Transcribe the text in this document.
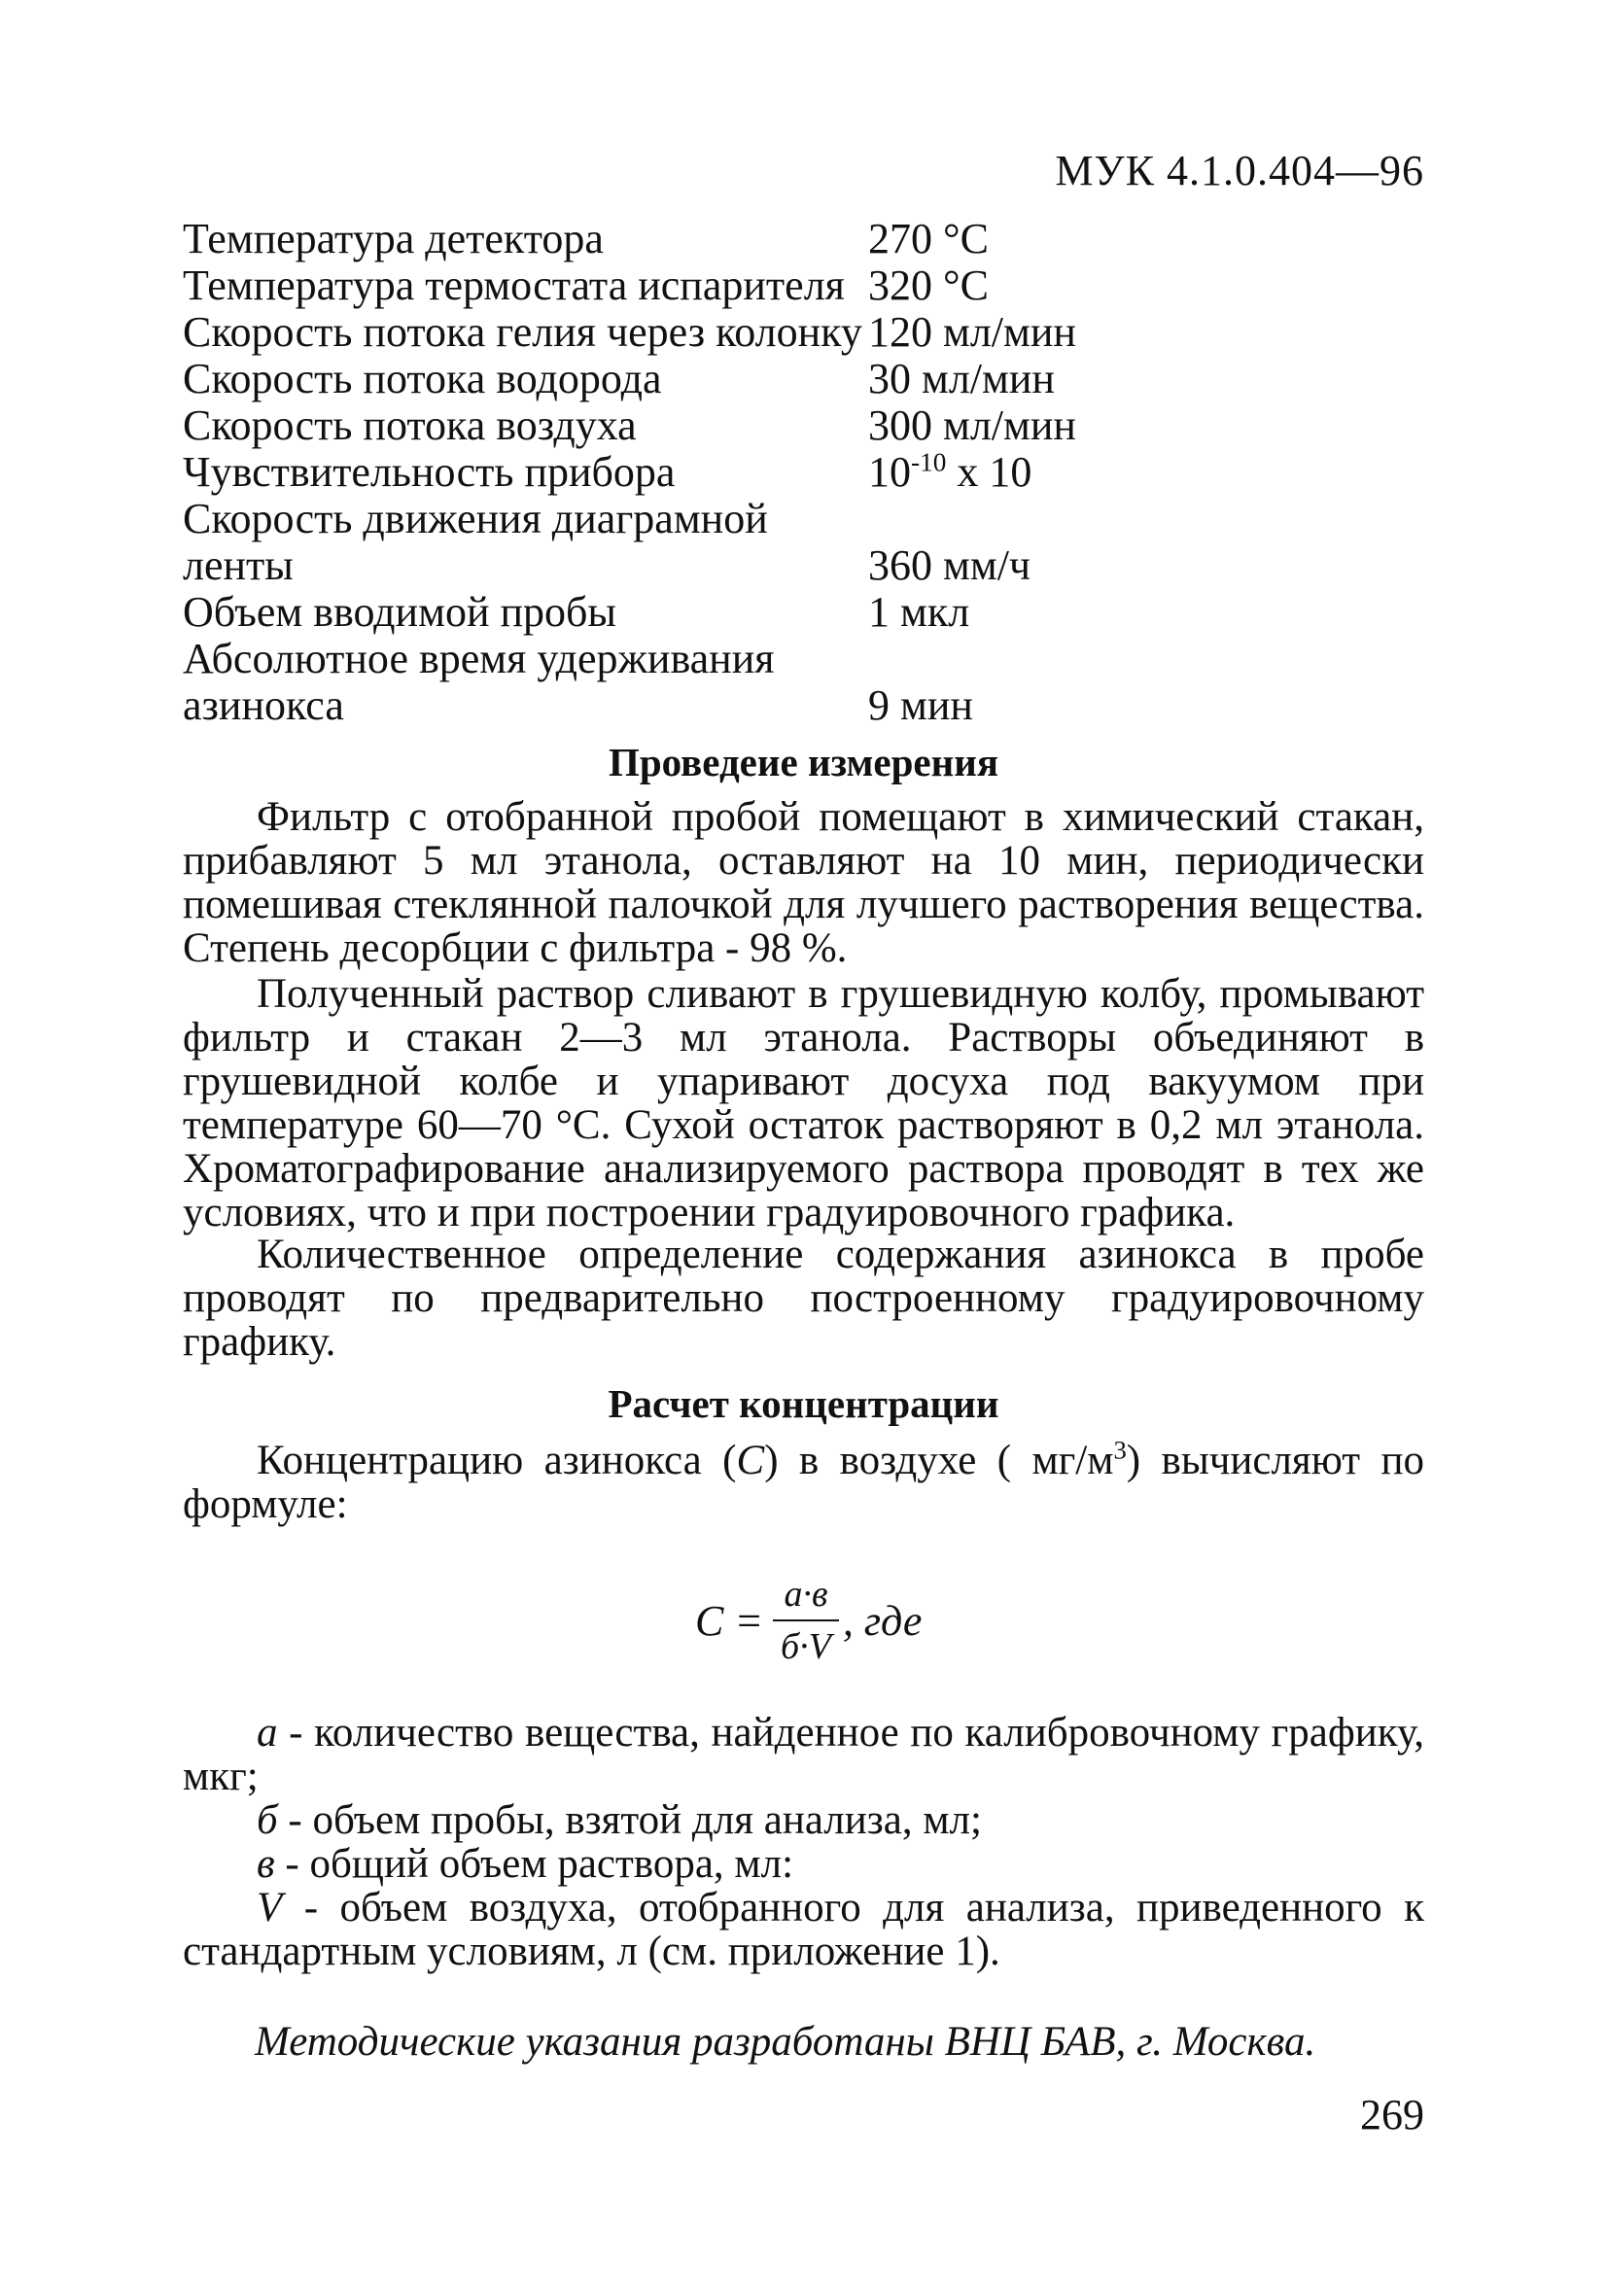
МУК 4.1.0.404—96
Температура детектора	270 °С
Температура термостата испарителя 320 °С
Скорость потока гелия через колонку 120 мл/мин
Скорость потока водорода	30 мл/мин
Скорость потока воздуха	300 мл/мин
Чувствительность прибора	$10^{-10}$ х 10
Скорость движения диаграмной
ленты	360 мм/ч
Объем вводимой пробы	1 мкл
Абсолютное время удерживания
азинокса	9 мин
Проведеие измерения
Фильтр с отобранной пробой помещают в химический стакан, прибавляют 5 мл этанола, оставляют на 10 мин, периодически помешивая стеклянной палочкой для лучшего растворения вещества. Степень десорбции с фильтра - 98 %.
Полученный раствор сливают в грушевидную колбу, промывают фильтр и стакан 2—3 мл этанола. Растворы объединяют в грушевидной колбе и упаривают досуха под вакуумом при температуре 60—70 °С. Сухой остаток растворяют в 0,2 мл этанола. Хроматографирование анализируемого раствора проводят в тех же условиях, что и при построении градуировочного графика.
Количественное определение содержания азинокса в пробе проводят по предварительно построенному градуировочному графику.
Расчет концентрации
Концентрацию азинокса (С) в воздухе ( $мг/м^3$) вычисляют по формуле:
$С = \frac{а\cdot в}{б\cdot V}$ , где
а - количество вещества, найденное по калибровочному графику, мкг;
б - объем пробы, взятой для анализа, мл;
в - общий объем раствора, мл:
V - объем воздуха, отобранного для анализа, приведенного к стандартным условиям, л (см. приложение 1).
Методические указания разработаны ВНЦ БАВ, г. Москва.
269
